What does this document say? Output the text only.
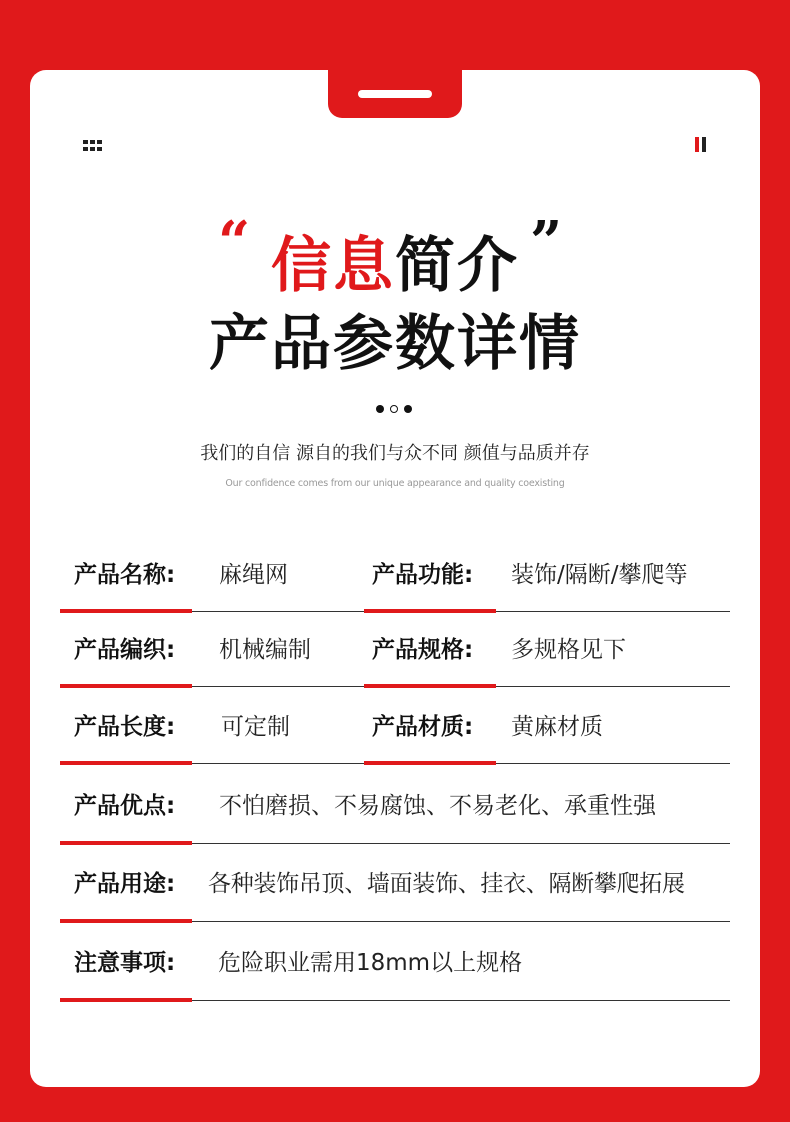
“	”
信息简介
产品参数详情
我们的自信 源自的我们与众不同 颜值与品质并存
Our confidence comes from our unique appearance and quality coexisting
产品名称: 麻绳网	产品功能: 装饰/隔断/攀爬等
产品编织: 机械编制	产品规格: 多规格见下
产品长度: 可定制	产品材质: 黄麻材质
产品优点: 不怕磨损、不易腐蚀、不易老化、承重性强
产品用途: 各种装饰吊顶、墙面装饰、挂衣、隔断攀爬拓展
注意事项: 危险职业需用18mm以上规格
